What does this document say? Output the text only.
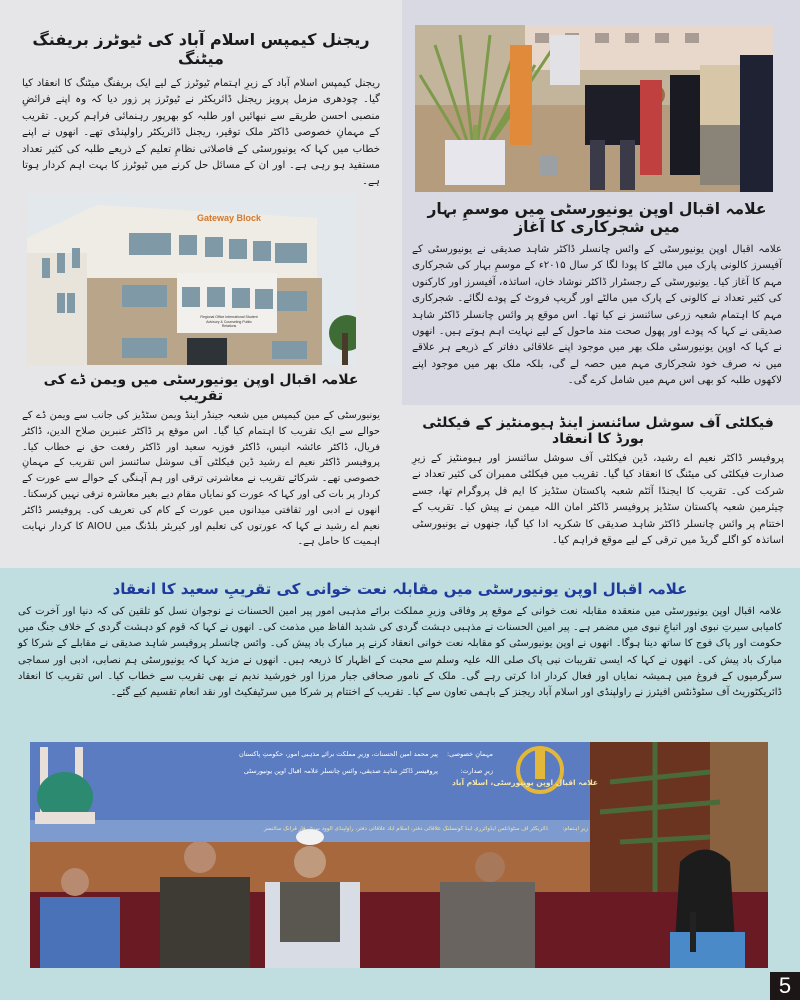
ریجنل کیمپس اسلام آباد کی ٹیوٹرز بریفنگ میٹنگ
ریجنل کیمپس اسلام آباد کے زیرِ اہتمام ٹیوٹرز کے لیے ایک بریفنگ میٹنگ کا انعقاد کیا گیا۔ چودھری مزمل پرویز ریجنل ڈائریکٹر نے ٹیوٹرز پر زور دیا کہ وہ اپنے فرائضِ منصبی احسن طریقے سے نبھائیں اور طلبہ کو بھرپور رہنمائی فراہم کریں۔ تقریب کے مہمانِ خصوصی ڈاکٹر ملک توقیر، ریجنل ڈائریکٹر راولپنڈی تھے۔ انھوں نے اپنے خطاب میں کہا کہ یونیورسٹی کے فاصلاتی نظامِ تعلیم کے ذریعے طلبہ کی کثیر تعداد مستفید ہو رہی ہے۔ اور ان کے مسائل حل کرنے میں ٹیوٹرز کا بہت اہم کردار ہوتا ہے۔
Gateway Block
Regional Office International Student Advisory & Counseling Public Relations
علامہ اقبال اوپن یونیورسٹی میں موسمِ بہار میں شجرکاری کا آغاز
علامہ اقبال اوپن یونیورسٹی کے وائس چانسلر ڈاکٹر شاہد صدیقی نے یونیورسٹی کے آفیسرز کالونی پارک میں مالٹے کا پودا لگا کر سال ۲۰۱۵ء کے موسمِ بہار کی شجرکاری مہم کا آغاز کیا۔ یونیورسٹی کے رجسٹرار ڈاکٹر نوشاد خان، اساتذہ، آفیسرز اور کارکنوں کی کثیر تعداد نے کالونی کے پارک میں مالٹے اور گریپ فروٹ کے پودے لگائے۔ شجرکاری مہم کا اہتمام شعبہ زرعی سائنسز نے کیا تھا۔ اس موقع پر وائس چانسلر ڈاکٹر شاہد صدیقی نے کہا کہ پودے اور پھول صحت مند ماحول کے لیے نہایت اہم ہوتے ہیں۔ انھوں نے کہا کہ اوپن یونیورسٹی ملک بھر میں موجود اپنے علاقائی دفاتر کے ذریعے ہر علاقے میں نہ صرف خود شجرکاری مہم میں حصہ لے گی، بلکہ ملک بھر میں موجود اپنے لاکھوں طلبہ کو بھی اس مہم میں شامل کرے گی۔
علامہ اقبال اوپن یونیورسٹی میں ویمن ڈے کی تقریب
یونیورسٹی کے مین کیمپس میں شعبہ جینڈر اینڈ ویمن سٹڈیز کی جانب سے ویمن ڈے کے حوالے سے ایک تقریب کا اہتمام کیا گیا۔ اس موقع پر ڈاکٹر عنبرین صلاح الدین، ڈاکٹر فریال، ڈاکٹر عائشہ انیس، ڈاکٹر فوزیہ سعید اور ڈاکٹر رفعت حق نے خطاب کیا۔ پروفیسر ڈاکٹر نعیم اے رشید ڈین فیکلٹی آف سوشل سائنسز اس تقریب کے مہمانِ خصوصی تھے۔ شرکائے تقریب نے معاشرتی ترقی اور ہم آہنگی کے حوالے سے عورت کے کردار پر بات کی اور کہا کہ عورت کو نمایاں مقام دیے بغیر معاشرہ ترقی نہیں کرسکتا۔ انھوں نے ادبی اور ثقافتی میدانوں میں عورت کے کام کی تعریف کی۔ پروفیسر ڈاکٹر نعیم اے رشید نے کہا کہ عورتوں کی تعلیم اور کیریئر بلڈنگ میں AIOU کا کردار نہایت اہمیت کا حامل ہے۔
فیکلٹی آف سوشل سائنسز اینڈ ہیومنٹیز کے فیکلٹی بورڈ کا انعقاد
پروفیسر ڈاکٹر نعیم اے رشید، ڈین فیکلٹی آف سوشل سائنسز اور ہیومنٹیز کے زیرِ صدارت فیکلٹی کی میٹنگ کا انعقاد کیا گیا۔ تقریب میں فیکلٹی ممبران کی کثیر تعداد نے شرکت کی۔ تقریب کا ایجنڈا آئٹم شعبہ پاکستان سٹڈیز کا ایم فل پروگرام تھا، جسے چیئرمین شعبہ پاکستان سٹڈیز پروفیسر ڈاکٹر امان اللہ میمن نے پیش کیا۔ تقریب کے اختتام پر وائس چانسلر ڈاکٹر شاہد صدیقی کا شکریہ ادا کیا گیا، جنھوں نے یونیورسٹی اساتذہ کو اگلے گریڈ میں ترقی کے لیے موقع فراہم کیا۔
علامہ اقبال اوپن یونیورسٹی میں مقابلہ نعت خوانی کی تقریبِ سعید کا انعقاد
علامہ اقبال اوپن یونیورسٹی میں منعقدہ مقابلہ نعت خوانی کے موقع پر وفاقی وزیرِ مملکت برائے مذہبی امور پیر امین الحسنات نے نوجوان نسل کو تلقین کی کہ دنیا اور آخرت کی کامیابی سیرتِ نبوی اور اتباعِ نبوی میں مضمر ہے۔ پیر امین الحسنات نے مذہبی دہشت گردی کی شدید الفاظ میں مذمت کی۔ انھوں نے کہا کہ قوم کو دہشت گردی کے خلاف جنگ میں حکومت اور پاک فوج کا ساتھ دینا ہوگا۔ انھوں نے اوپن یونیورسٹی کو مقابلہ نعت خوانی انعقاد کرنے پر مبارک باد پیش کی۔ وائس چانسلر پروفیسر شاہد صدیقی نے مقابلے کے شرکا کو مبارک باد پیش کی۔ انھوں نے کہا کہ ایسی تقریبات نبی پاک صلی اللہ علیہ وسلم سے محبت کے اظہار کا ذریعہ ہیں۔ انھوں نے مزید کہا کہ یونیورسٹی ہم نصابی، ادبی اور سماجی سرگرمیوں کے فروغ میں ہمیشہ نمایاں اور فعال کردار ادا کرتی رہے گی۔ ملک کے نامور صحافی جبار مرزا اور خورشید ندیم نے بھی تقریب سے خطاب کیا۔ اس تقریب کا انعقاد ڈائریکٹوریٹ آف سٹوڈنٹس افیئرز نے راولپنڈی اور اسلام آباد ریجنز کے باہمی تعاون سے کیا۔ تقریب کے اختتام پر شرکا میں سرٹیفکیٹ اور نقد انعام تقسیم کیے گئے۔
علامہ اقبال اوپن یونیورسٹی، اسلام آباد
مہمانِ خصوصی:
پیر محمد امین الحسنات، وزیرِ مملکت برائے مذہبی امور، حکومتِ پاکستان
زیرِ صدارت:
پروفیسر ڈاکٹر شاہد صدیقی، وائس چانسلر علامہ اقبال اوپن یونیورسٹی
زیرِ اہتمام:
ڈائریکٹر آف سٹوڈنٹس ایڈوائزری اینڈ کونسلنگ علاقائی دفتر، اسلام آباد علاقائی دفتر، راولپنڈی الوود سینٹر فار قرآنک سائنسز
5
